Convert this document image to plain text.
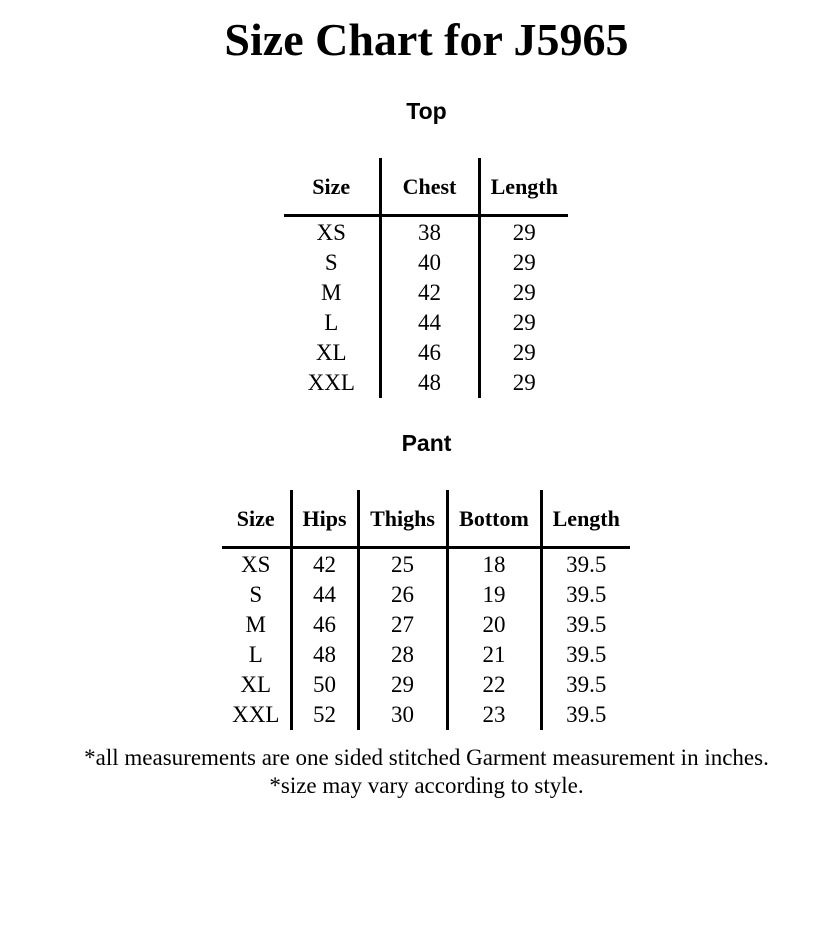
Size Chart for J5965
Top
Size	Chest	Length
XS	38	29
S	40	29
M	42	29
L	44	29
XL	46	29
XXL	48	29
Pant
Size	Hips	Thighs	Bottom	Length
XS	42	25	18	39.5
S	44	26	19	39.5
M	46	27	20	39.5
L	48	28	21	39.5
XL	50	29	22	39.5
XXL	52	30	23	39.5
*all measurements are one sided stitched Garment measurement in inches.
*size may vary according to style.
